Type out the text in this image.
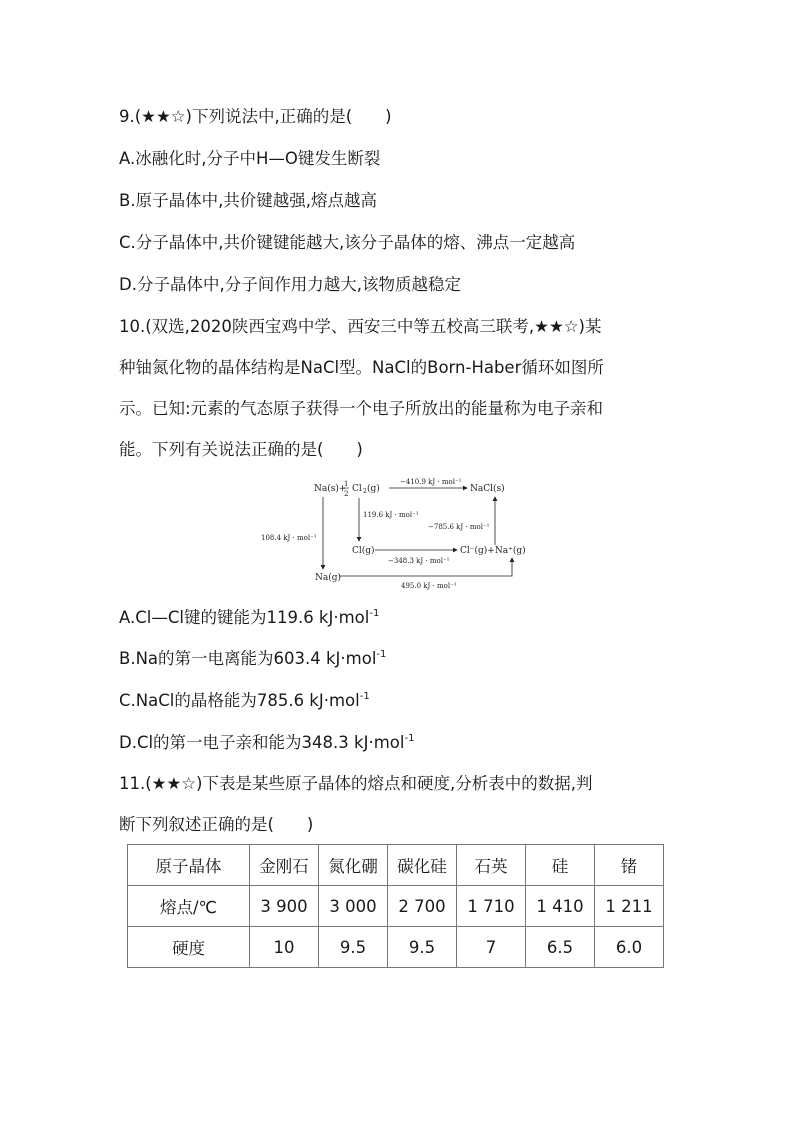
9.(★★☆)下列说法中,正确的是(　　)
A.冰融化时,分子中H—O键发生断裂
B.原子晶体中,共价键越强,熔点越高
C.分子晶体中,共价键键能越大,该分子晶体的熔、沸点一定越高
D.分子晶体中,分子间作用力越大,该物质越稳定
10.(双选,2020陕西宝鸡中学、西安三中等五校高三联考,★★☆)某
种铀氮化物的晶体结构是NaCl型。NaCl的Born-Haber循环如图所
示。已知:元素的气态原子获得一个电子所放出的能量称为电子亲和
能。下列有关说法正确的是(　　)
Na(s)+
1
2 Cl 2 (g)
−410.9 kJ · mol⁻¹
NaCl(s)
119.6 kJ · mol⁻¹
Cl(g)
−785.6 kJ · mol⁻¹
−348.3 kJ · mol⁻¹
Cl⁻(g)+Na⁺(g)
108.4 kJ · mol⁻¹
Na(g)
495.0 kJ · mol⁻¹
A.Cl—Cl键的键能为119.6 kJ·mol$^{-1}$
B.Na的第一电离能为603.4 kJ·mol$^{-1}$
C.NaCl的晶格能为785.6 kJ·mol$^{-1}$
D.Cl的第一电子亲和能为348.3 kJ·mol$^{-1}$
11.(★★☆)下表是某些原子晶体的熔点和硬度,分析表中的数据,判
断下列叙述正确的是(　　)
原子晶体	金刚石	氮化硼	碳化硅	石英	硅	锗
熔点/℃	3 900	3 000	2 700	1 710	1 410	1 211
硬度	10	9.5	9.5	7	6.5	6.0
